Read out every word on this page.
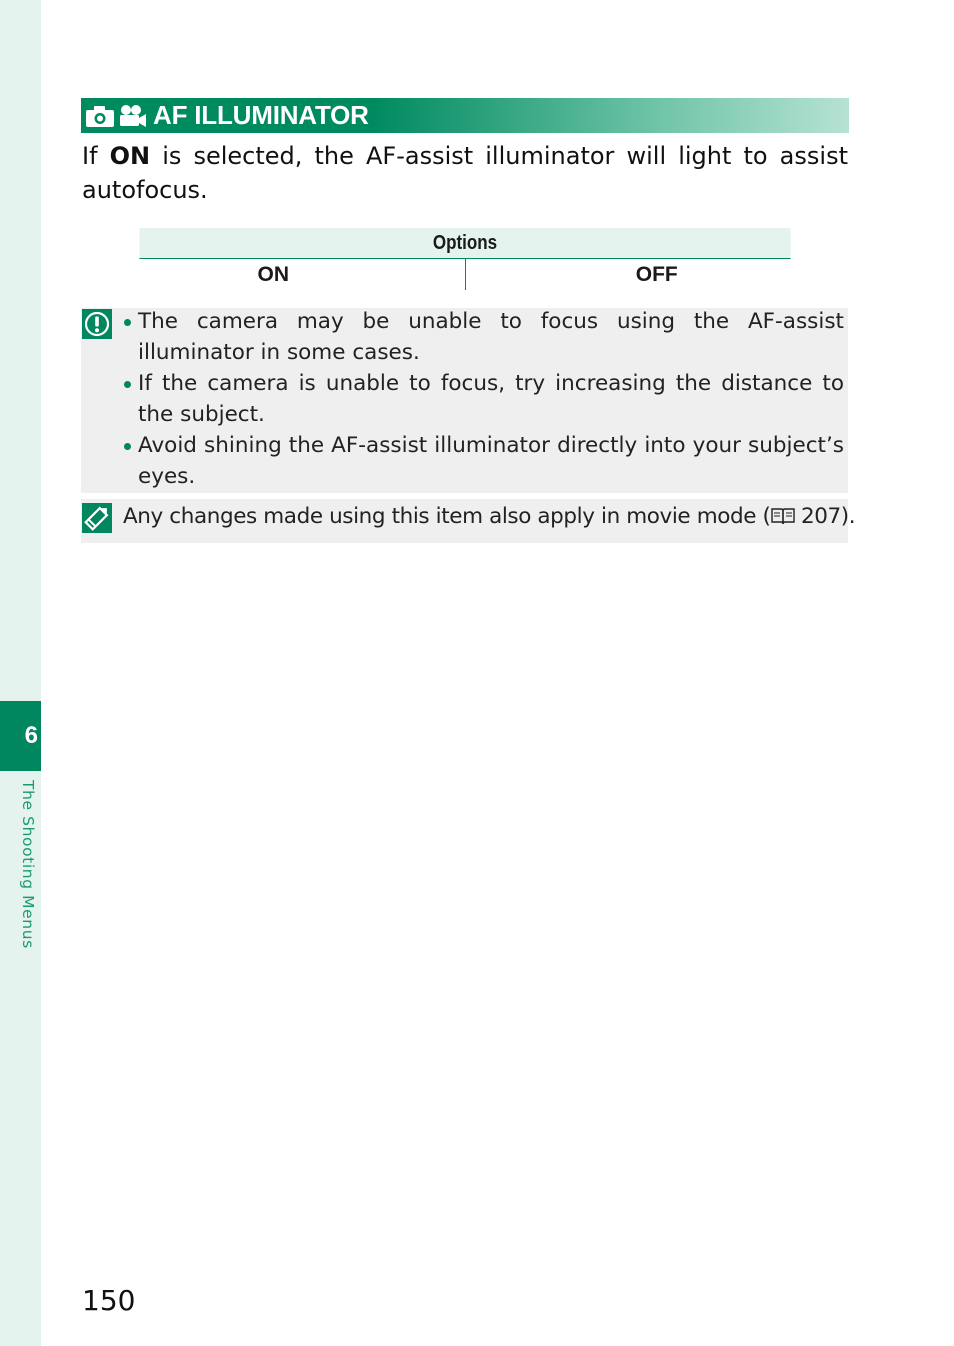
6
The Shooting Menus
AF ILLUMINATOR

If ON is selected, the AF-assist illuminator will light to assist autofocus.

Options
ON	OFF
The camera may be unable to focus using the AF-assist illuminator in some cases.
If the camera is unable to focus, try increasing the distance to the subject.
Avoid shining the AF-assist illuminator directly into your subject’s eyes.
Any changes made using this item also apply in movie mode ( 207).
150
